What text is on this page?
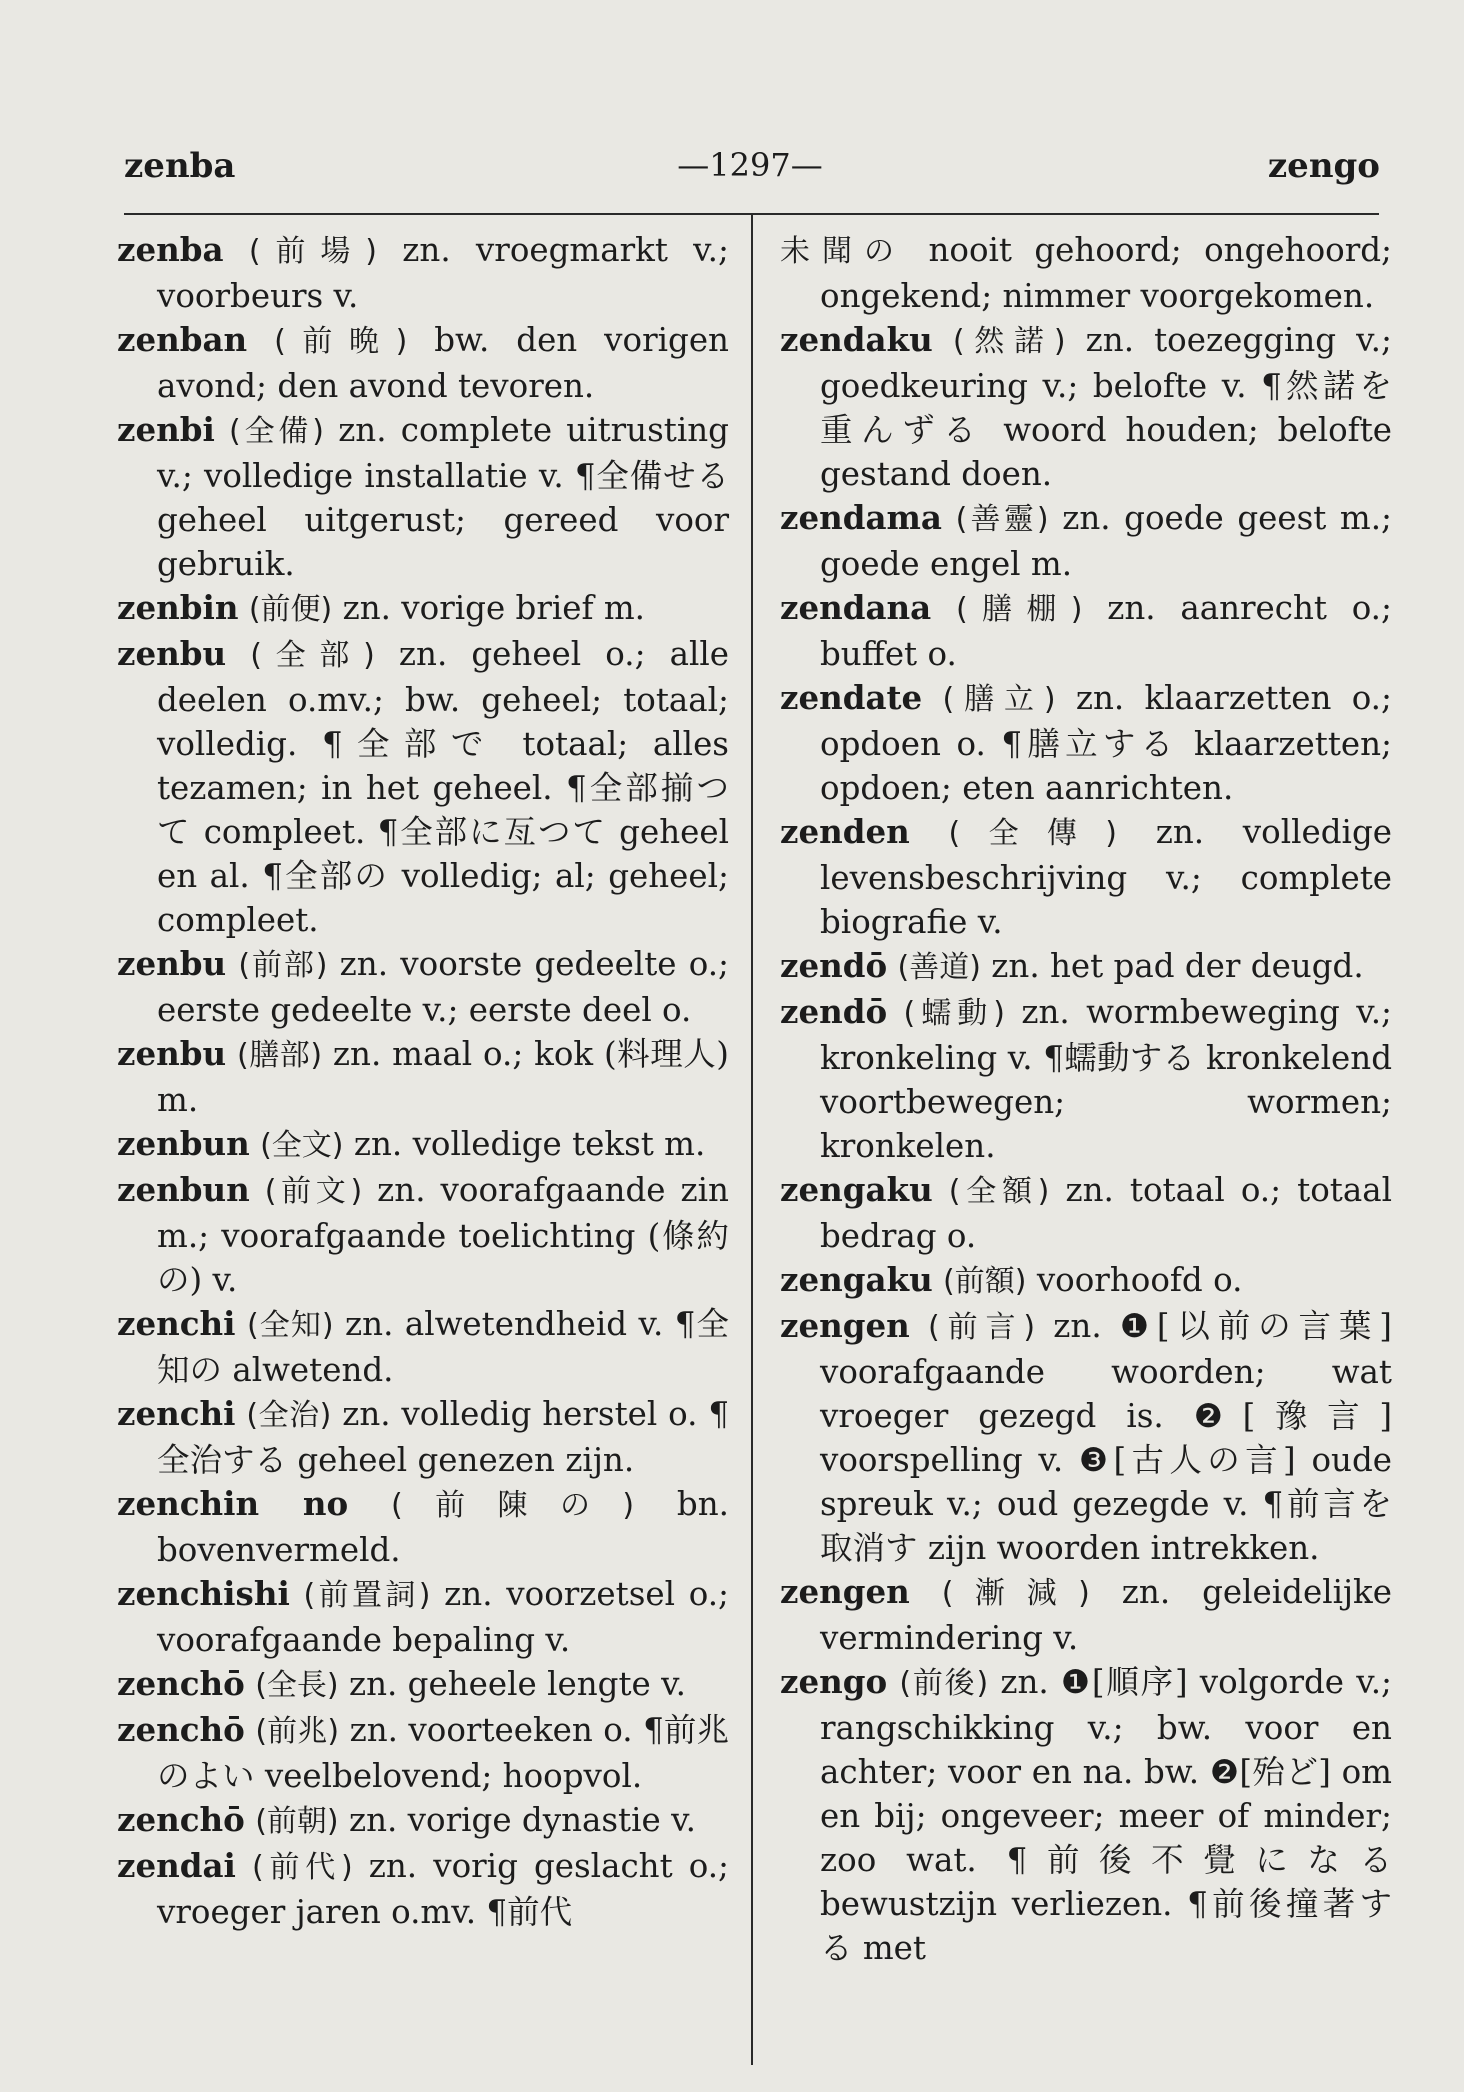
zenba	—1297—	zengo

zenba (前場) zn. vroegmarkt v.; voorbeurs v.

zenban (前晩) bw. den vorigen avond; den avond tevoren.

zenbi (全備) zn. complete uitrusting v.; volledige installatie v. ¶全備せる geheel uitgerust; gereed voor gebruik.

zenbin (前便) zn. vorige brief m.

zenbu (全部) zn. geheel o.; alle deelen o.mv.; bw. geheel; totaal; volledig. ¶全部で totaal; alles tezamen; in het geheel. ¶全部揃つて compleet. ¶全部に亙つて geheel en al. ¶全部の volledig; al; geheel; compleet.

zenbu (前部) zn. voorste gedeelte o.; eerste gedeelte v.; eerste deel o.

zenbu (膳部) zn. maal o.; kok (料理人) m.

zenbun (全文) zn. volledige tekst m.

zenbun (前文) zn. voorafgaande zin m.; voorafgaande toelichting (條約の) v.

zenchi (全知) zn. alwetendheid v. ¶全知の alwetend.

zenchi (全治) zn. volledig herstel o. ¶全治する geheel genezen zijn.

zenchin no (前陳の) bn. bovenvermeld.

zenchishi (前置詞) zn. voorzetsel o.; voorafgaande bepaling v.

zenchō (全長) zn. geheele lengte v.

zenchō (前兆) zn. voorteeken o. ¶前兆のよい veelbelovend; hoopvol.

zenchō (前朝) zn. vorige dynastie v.

zendai (前代) zn. vorig geslacht o.; vroeger jaren o.mv. ¶前代

未聞の nooit gehoord; ongehoord; ongekend; nimmer voorgekomen.

zendaku (然諾) zn. toezegging v.; goedkeuring v.; belofte v. ¶然諾を重んずる woord houden; belofte gestand doen.

zendama (善靈) zn. goede geest m.; goede engel m.

zendana (膳棚) zn. aanrecht o.; buffet o.

zendate (膳立) zn. klaarzetten o.; opdoen o. ¶膳立する klaarzetten; opdoen; eten aanrichten.

zenden (全傳) zn. volledige levensbeschrijving v.; complete biografie v.

zendō (善道) zn. het pad der deugd.

zendō (蠕動) zn. wormbeweging v.; kronkeling v. ¶蠕動する kronkelend voortbewegen; wormen; kronkelen.

zengaku (全額) zn. totaal o.; totaal bedrag o.

zengaku (前額) voorhoofd o.

zengen (前言) zn. ❶[以前の言葉] voorafgaande woorden; wat vroeger gezegd is. ❷[豫言] voorspelling v. ❸[古人の言] oude spreuk v.; oud gezegde v. ¶前言を取消す zijn woorden intrekken.

zengen (漸減) zn. geleidelijke vermindering v.

zengo (前後) zn. ❶[順序] volgorde v.; rangschikking v.; bw. voor en achter; voor en na. bw. ❷[殆ど] om en bij; ongeveer; meer of minder; zoo wat. ¶前後不覺になる bewustzijn verliezen. ¶前後撞著する met
